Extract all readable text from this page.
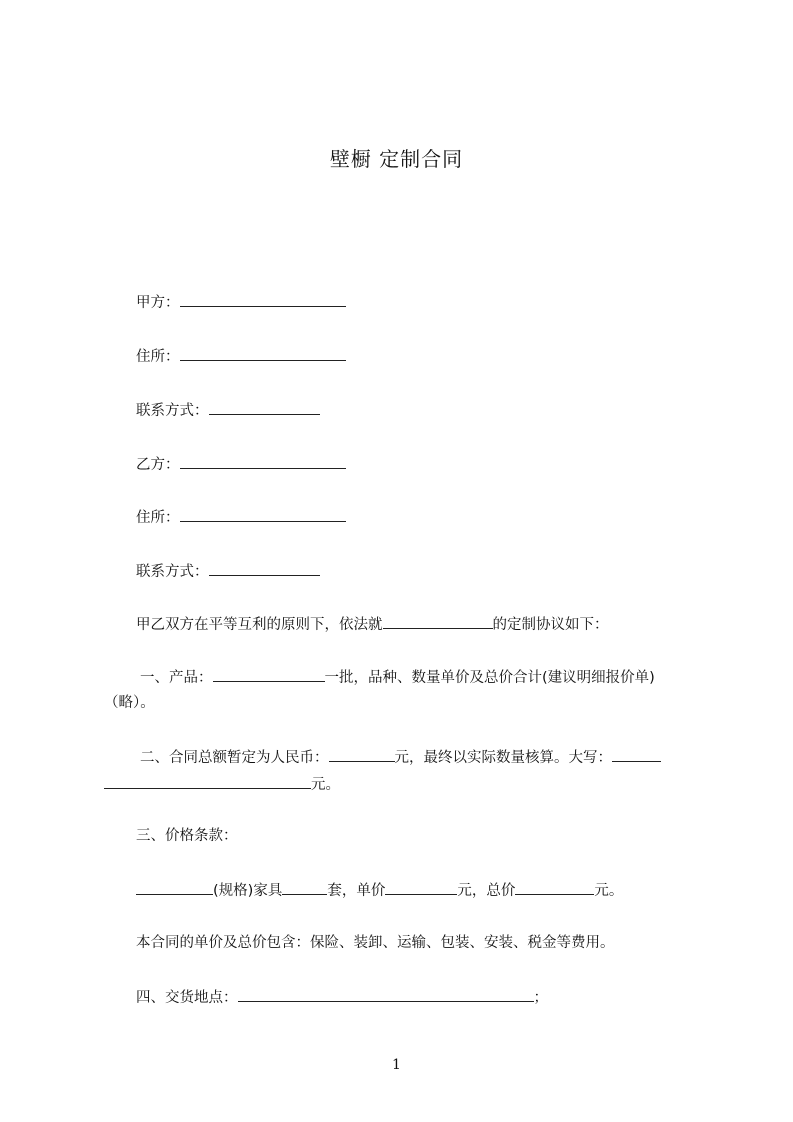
壁橱 定制合同
甲方：
住所：
联系方式：
乙方：
住所：
联系方式：
甲乙双方在平等互利的原则下，依法就	的定制协议如下：
一、产品：	一批，品种、数量单价及总价合计(建议明细报价单)
（略）。
二、合同总额暂定为人民币：	元，最终以实际数量核算。大写：
元。
三、价格条款：
(规格)家具	套，单价	元，总价	元。
本合同的单价及总价包含：保险、装卸、运输、包装、安装、税金等费用。
四、交货地点：	；
1
